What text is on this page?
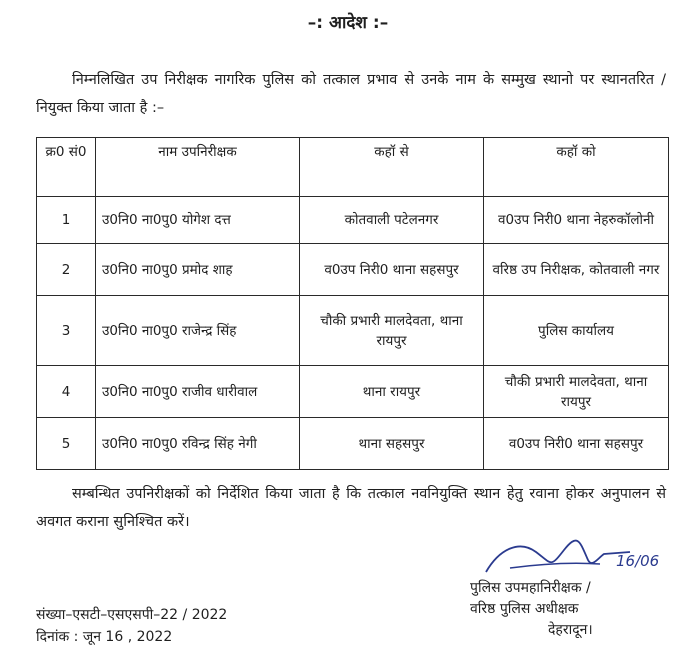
–: आदेश :–
निम्नलिखित उप निरीक्षक नागरिक पुलिस को तत्काल प्रभाव से उनके नाम के सम्मुख स्थानो पर स्थानतरित / नियुक्त किया जाता है :–
क्र0 सं0	नाम उपनिरीक्षक	कहॉ से	कहॉ को
1	उ0नि0 ना0पु0 योगेश दत्त	कोतवाली पटेलनगर	व0उप निरी0 थाना नेहरुकॉलोनी
2	उ0नि0 ना0पु0 प्रमोद शाह	व0उप निरी0 थाना सहसपुर	वरिष्ठ उप निरीक्षक, कोतवाली नगर
3	उ0नि0 ना0पु0 राजेन्द्र सिंह	चौकी प्रभारी मालदेवता, थाना रायपुर	पुलिस कार्यालय
4	उ0नि0 ना0पु0 राजीव धारीवाल	थाना रायपुर	चौकी प्रभारी मालदेवता, थाना रायपुर
5	उ0नि0 ना0पु0 रविन्द्र सिंह नेगी	थाना सहसपुर	व0उप निरी0 थाना सहसपुर
सम्बन्धित उपनिरीक्षकों को निर्देशित किया जाता है कि तत्काल नवनियुक्ति स्थान हेतु रवाना होकर अनुपालन से अवगत कराना सुनिश्चित करें।
16/06
पुलिस उपमहानिरीक्षक /
वरिष्ठ पुलिस अधीक्षक
देहरादून।
संख्या–एसटी–एसएसपी–22 / 2022
दिनांक : जून 16 , 2022
